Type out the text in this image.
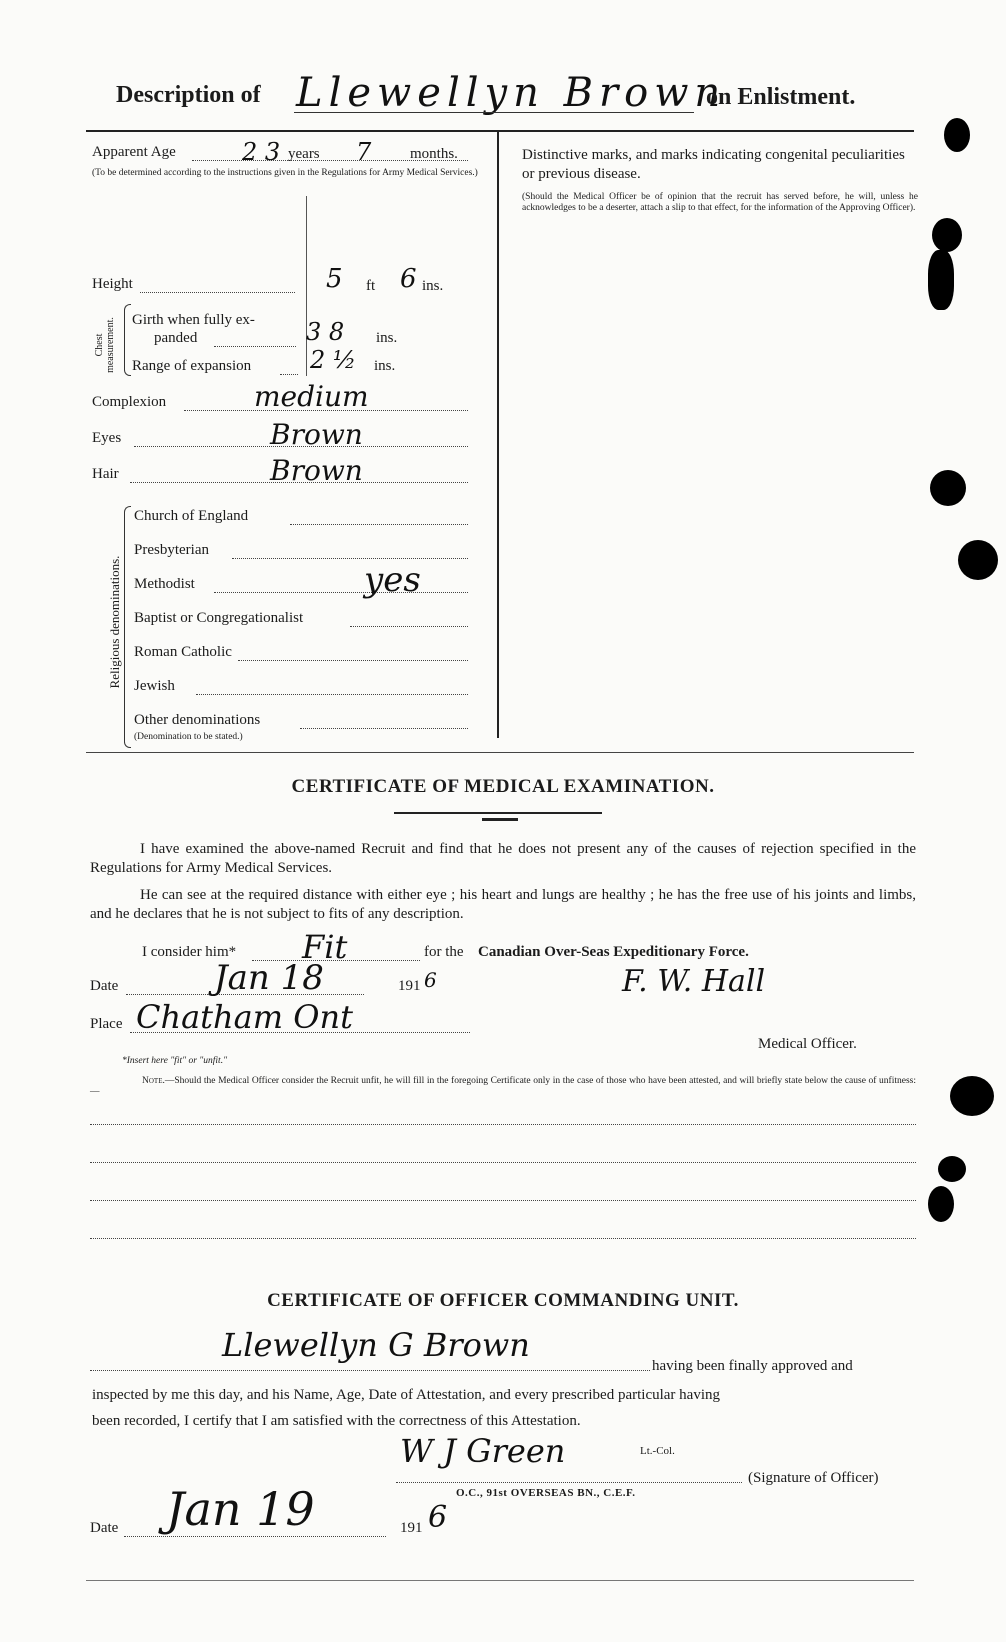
Description of Llewellyn Brown
on Enlistment.
Apparent Age	2 3 years 7	months.
(To be determined according to the instructions given in the Regulations for Army Medical Services.)
Height	5 ft 6 ins.
Chest measurement. Girth when fully ex-
panded	3 8 ins.
Range of expansion 2 ½ ins.
Complexion	medium
Eyes	Brown
Hair	Brown
Religious denominations.
Church of England
Presbyterian
Methodist	yes
Baptist or Congregationalist
Roman Catholic
Jewish
Other denominations
(Denomination to be stated.)
Distinctive marks, and marks indicating congenital peculiarities or previous disease.
(Should the Medical Officer be of opinion that the recruit has served before, he will, unless he acknowledges to be a deserter, attach a slip to that effect, for the information of the Approving Officer).
CERTIFICATE OF MEDICAL EXAMINATION.
I have examined the above-named Recruit and find that he does not present any of the causes of rejection specified in the Regulations for Army Medical Services.
He can see at the required distance with either eye ; his heart and lungs are healthy ; he has the free use of his joints and limbs, and he declares that he is not subject to fits of any description.
I consider him* Fit	for the Canadian Over-Seas Expeditionary Force.
Date	Jan 18	191 6	F. W. Hall
Place Chatham Ont
Medical Officer.
*Insert here "fit" or "unfit."
Note.—Should the Medical Officer consider the Recruit unfit, he will fill in the foregoing Certificate only in the case of those who have been attested, and will briefly state below the cause of unfitness:—
CERTIFICATE OF OFFICER COMMANDING UNIT.
Llewellyn G Brown
having been finally approved and
inspected by me this day, and his Name, Age, Date of Attestation, and every prescribed particular having
been recorded, I certify that I am satisfied with the correctness of this Attestation.
W J Green	Lt.-Col.
(Signature of Officer)
O.C., 91st OVERSEAS BN., C.E.F.
Date Jan 19	191 6
